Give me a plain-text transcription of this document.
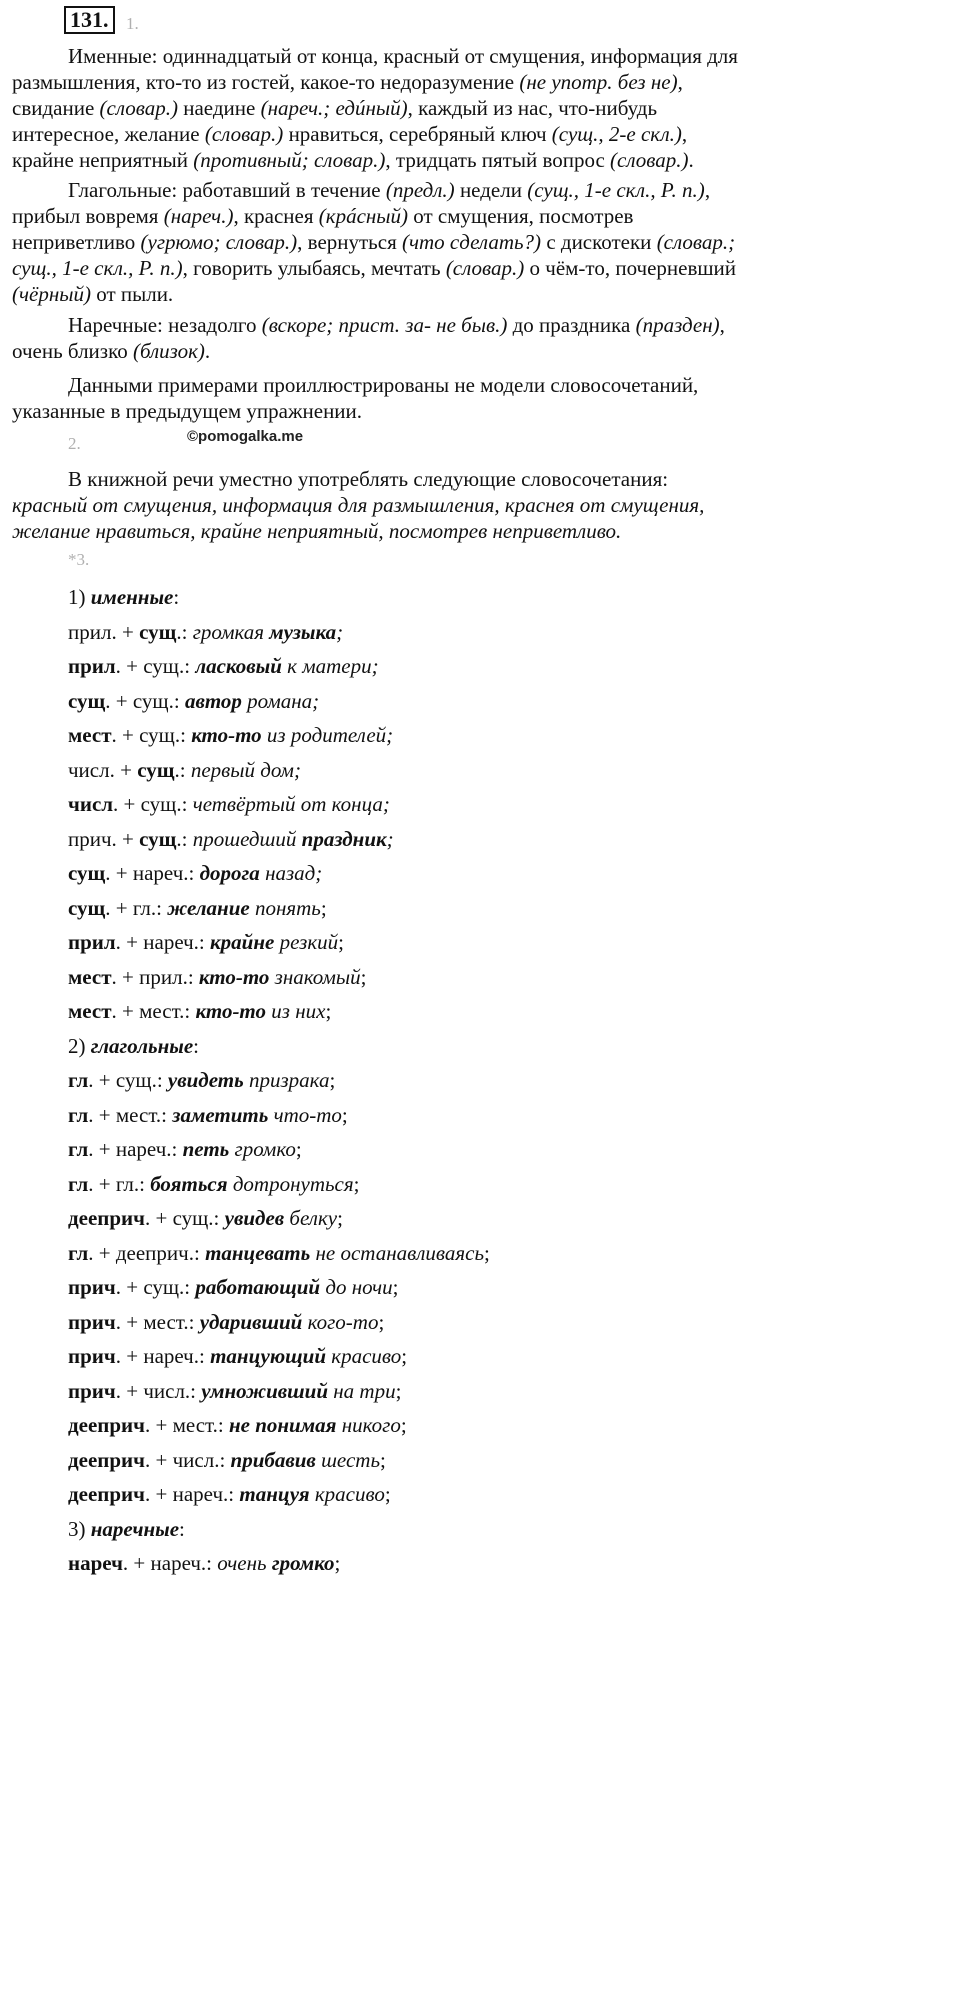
131.	1.
Именные: одиннадцатый от конца, красный от смущения, информация для размышления, кто-то из гостей, какое-то недоразумение (не употр. без не), свидание (словар.) наедине (нареч.; едúный), каждый из нас, что-нибудь интересное, желание (словар.) нравиться, серебряный ключ (сущ., 2-е скл.), крайне неприятный (противный; словар.), тридцать пятый вопрос (словар.).
Глагольные: работавший в течение (предл.) недели (сущ., 1-е скл., Р. п.), прибыл вовремя (нареч.), краснея (крáсный) от смущения, посмотрев неприветливо (угрюмо; словар.), вернуться (что сделать?) с дискотеки (словар.; сущ., 1-е скл., Р. п.), говорить улыбаясь, мечтать (словар.) о чём-то, почерневший (чёрный) от пыли.
Наречные: незадолго (вскоре; прист. за- не быв.) до праздника (празден), очень близко (близок).
Данными примерами проиллюстрированы не модели словосочетаний, указанные в предыдущем упражнении.
2.	©pomogalka.me
В книжной речи уместно употреблять следующие словосочетания: красный от смущения, информация для размышления, краснея от смущения, желание нравиться, крайне неприятный, посмотрев неприветливо.
*3.
1) именные:
прил. + сущ.: громкая музыка;
прил. + сущ.: ласковый к матери;
сущ. + сущ.: автор романа;
мест. + сущ.: кто-то из родителей;
числ. + сущ.: первый дом;
числ. + сущ.: четвёртый от конца;
прич. + сущ.: прошедший праздник;
сущ. + нареч.: дорога назад;
сущ. + гл.: желание понять;
прил. + нареч.: крайне резкий;
мест. + прил.: кто-то знакомый;
мест. + мест.: кто-то из них;
2) глагольные:
гл. + сущ.: увидеть призрака;
гл. + мест.: заметить что-то;
гл. + нареч.: петь громко;
гл. + гл.: бояться дотронуться;
дееприч. + сущ.: увидев белку;
гл. + дееприч.: танцевать не останавливаясь;
прич. + сущ.: работающий до ночи;
прич. + мест.: ударивший кого-то;
прич. + нареч.: танцующий красиво;
прич. + числ.: умноживший на три;
дееприч. + мест.: не понимая никого;
дееприч. + числ.: прибавив шесть;
дееприч. + нареч.: танцуя красиво;
3) наречные:
нареч. + нареч.: очень громко;
